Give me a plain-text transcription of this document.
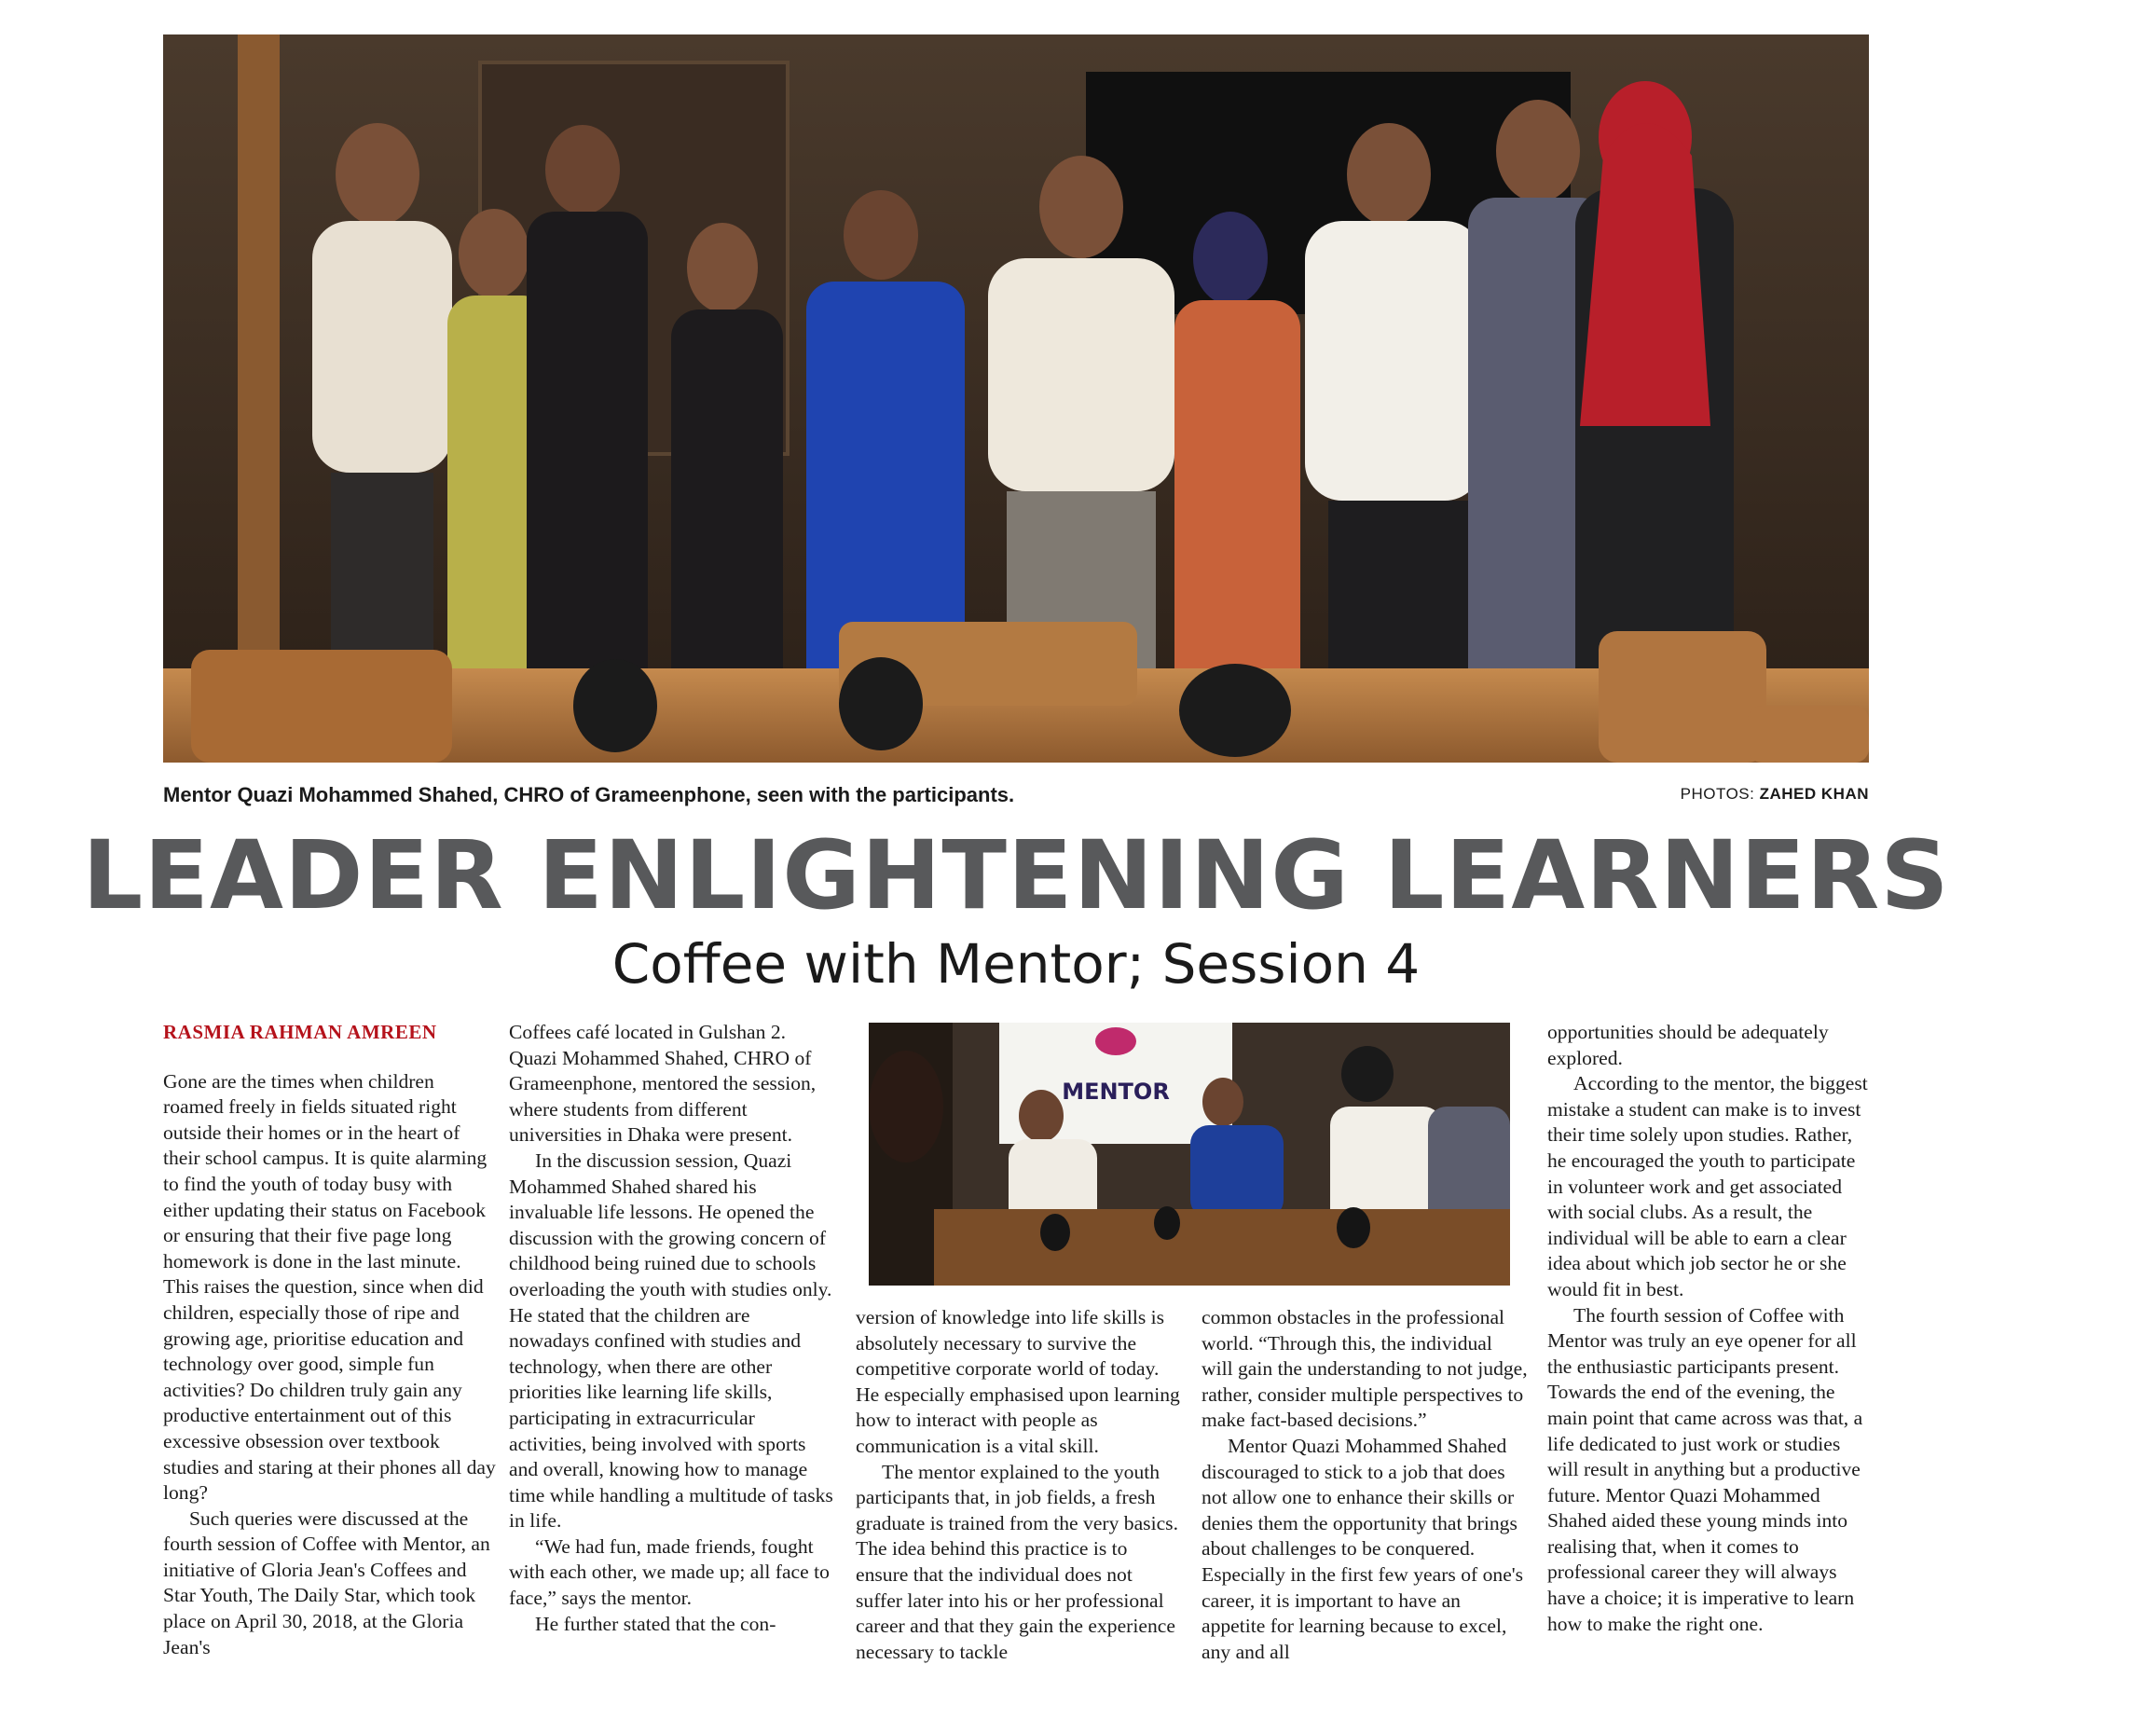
Mentor Quazi Mohammed Shahed, CHRO of Grameenphone, seen with the participants.	PHOTOS: ZAHED KHAN
LEADER ENLIGHTENING LEARNERS
Coffee with Mentor; Session 4

RASMIA RAHMAN AMREEN

Gone are the times when children roamed freely in fields situated right outside their homes or in the heart of their school campus. It is quite alarming to find the youth of today busy with either updating their status on Facebook or ensuring that their five page long homework is done in the last minute. This raises the question, since when did children, especially those of ripe and growing age, prioritise education and technology over good, simple fun activities? Do children truly gain any productive entertainment out of this excessive obsession over textbook studies and staring at their phones all day long?

Such queries were discussed at the fourth session of Coffee with Mentor, an initiative of Gloria Jean's Coffees and Star Youth, The Daily Star, which took place on April 30, 2018, at the Gloria Jean's

Coffees café located in Gulshan 2. Quazi Mohammed Shahed, CHRO of Grameenphone, mentored the session, where students from different universities in Dhaka were present.

In the discussion session, Quazi Mohammed Shahed shared his invaluable life lessons. He opened the discussion with the growing concern of childhood being ruined due to schools overloading the youth with studies only. He stated that the children are nowadays confined with studies and technology, when there are other priorities like learning life skills, participating in extracurricular activities, being involved with sports and overall, knowing how to manage time while handling a multitude of tasks in life.

“We had fun, made friends, fought with each other, we made up; all face to face,” says the mentor.

He further stated that the con-

MENTOR

version of knowledge into life skills is absolutely necessary to survive the competitive corporate world of today. He especially emphasised upon learning how to interact with people as communication is a vital skill.

The mentor explained to the youth participants that, in job fields, a fresh graduate is trained from the very basics. The idea behind this practice is to ensure that the individual does not suffer later into his or her professional career and that they gain the experience necessary to tackle

common obstacles in the professional world. “Through this, the individual will gain the understanding to not judge, rather, consider multiple perspectives to make fact-based decisions.”

Mentor Quazi Mohammed Shahed discouraged to stick to a job that does not allow one to enhance their skills or denies them the opportunity that brings about challenges to be conquered. Especially in the first few years of one's career, it is important to have an appetite for learning because to excel, any and all

opportunities should be adequately explored.

According to the mentor, the biggest mistake a student can make is to invest their time solely upon studies. Rather, he encouraged the youth to participate in volunteer work and get associated with social clubs. As a result, the individual will be able to earn a clear idea about which job sector he or she would fit in best.

The fourth session of Coffee with Mentor was truly an eye opener for all the enthusiastic participants present. Towards the end of the evening, the main point that came across was that, a life dedicated to just work or studies will result in anything but a productive future. Mentor Quazi Mohammed Shahed aided these young minds into realising that, when it comes to professional career they will always have a choice; it is imperative to learn how to make the right one.
